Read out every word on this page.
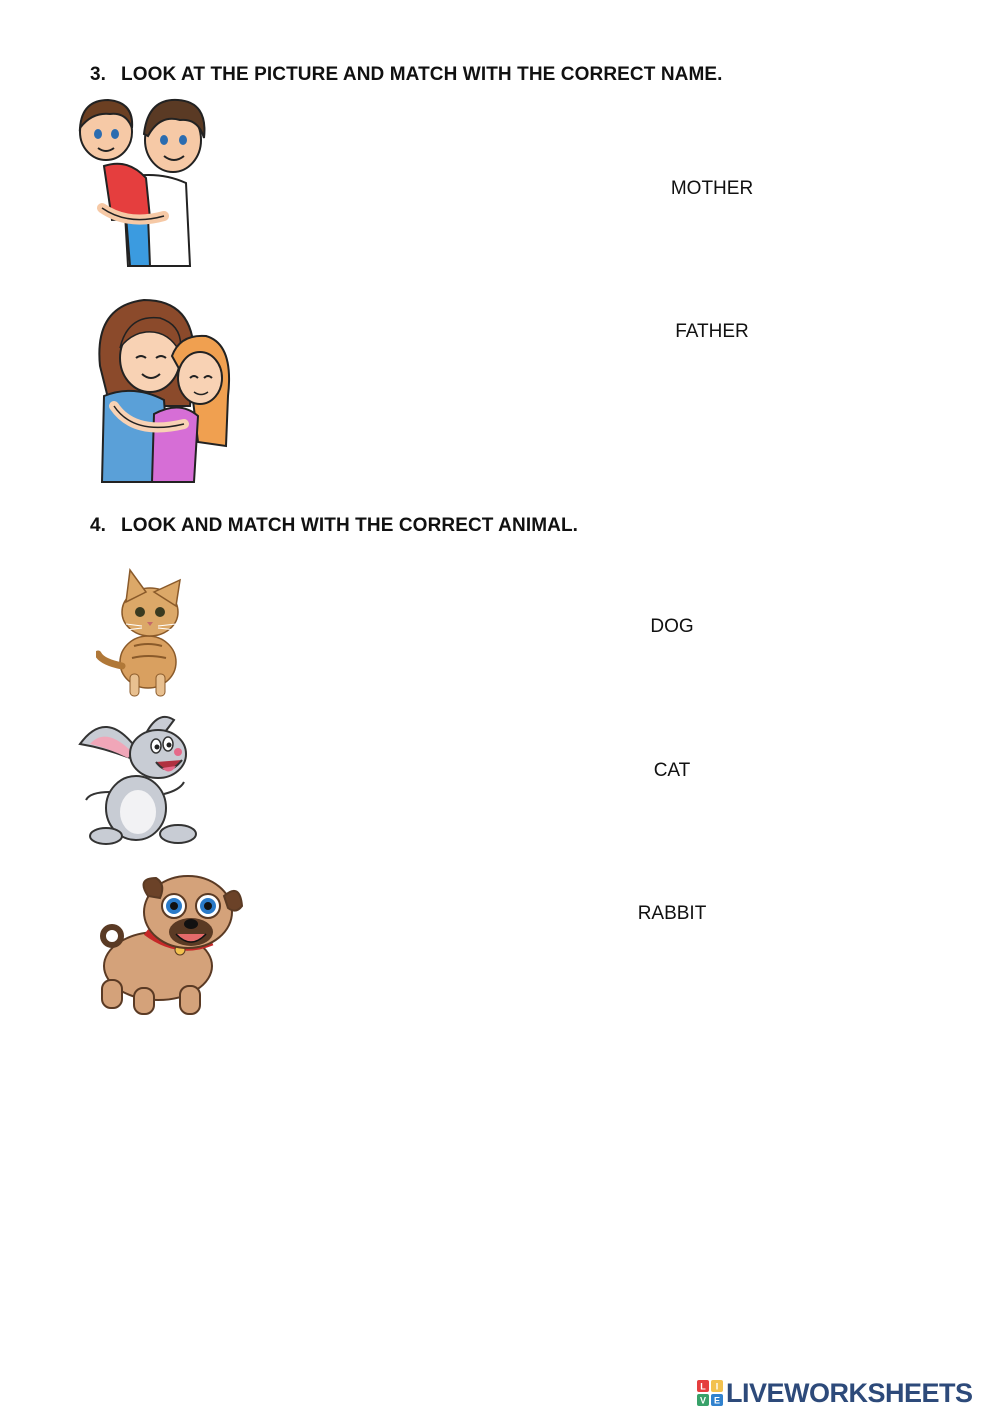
3. LOOK AT THE PICTURE AND MATCH WITH THE CORRECT NAME.
MOTHER
FATHER
4. LOOK AND MATCH WITH THE CORRECT ANIMAL.
DOG
CAT
RABBIT
L I
V E LIVEWORKSHEETS
